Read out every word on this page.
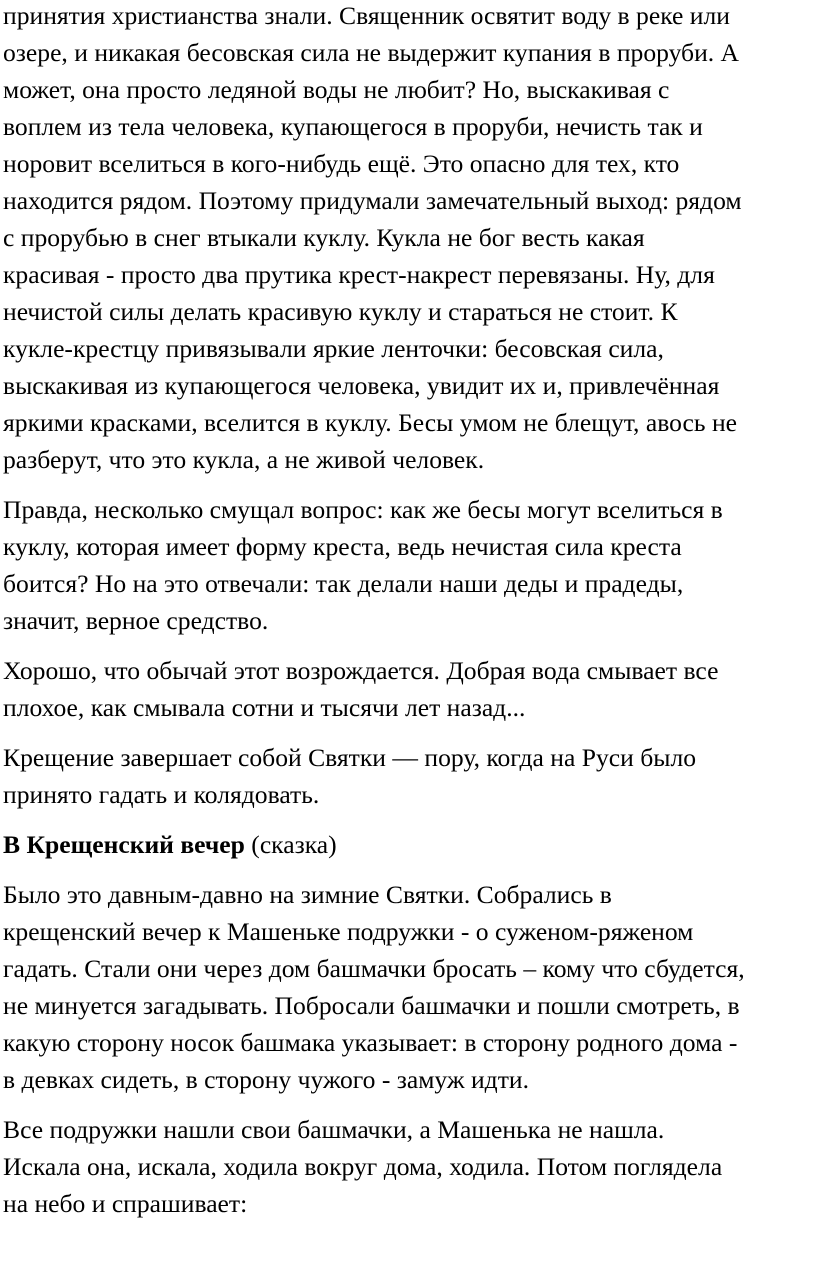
принятия христианства знали. Священник освятит воду в реке или
озере, и никакая бесовская сила не выдержит купания в проруби. А
может, она просто ледяной воды не любит? Но, выскакивая с
воплем из тела человека, купающегося в проруби, нечисть так и
норовит вселиться в кого-нибудь ещё. Это опасно для тех, кто
находится рядом. Поэтому придумали замечательный выход: рядом
с прорубью в снег втыкали куклу. Кукла не бог весть какая
красивая - просто два прутика крест-накрест перевязаны. Ну, для
нечистой силы делать красивую куклу и стараться не стоит. К
кукле-крестцу привязывали яркие ленточки: бесовская сила,
выскакивая из купающегося человека, увидит их и, привлечённая
яркими красками, вселится в куклу. Бесы умом не блещут, авось не
разберут, что это кукла, а не живой человек.

Правда, несколько смущал вопрос: как же бесы могут вселиться в
куклу, которая имеет форму креста, ведь нечистая сила креста
боится? Но на это отвечали: так делали наши деды и прадеды,
значит, верное средство.

Хорошо, что обычай этот возрождается. Добрая вода смывает все
плохое, как смывала сотни и тысячи лет назад...

Крещение завершает собой Святки — пору, когда на Руси было
принято гадать и колядовать.

В Крещенский вечер (сказка)

Было это давным-давно на зимние Святки. Собрались в
крещенский вечер к Машеньке подружки - о суженом-ряженом
гадать. Стали они через дом башмачки бросать – кому что сбудется,
не минуется загадывать. Побросали башмачки и пошли смотреть, в
какую сторону носок башмака указывает: в сторону родного дома -
в девках сидеть, в сторону чужого - замуж идти.

Все подружки нашли свои башмачки, а Машенька не нашла.
Искала она, искала, ходила вокруг дома, ходила. Потом поглядела
на небо и спрашивает:
